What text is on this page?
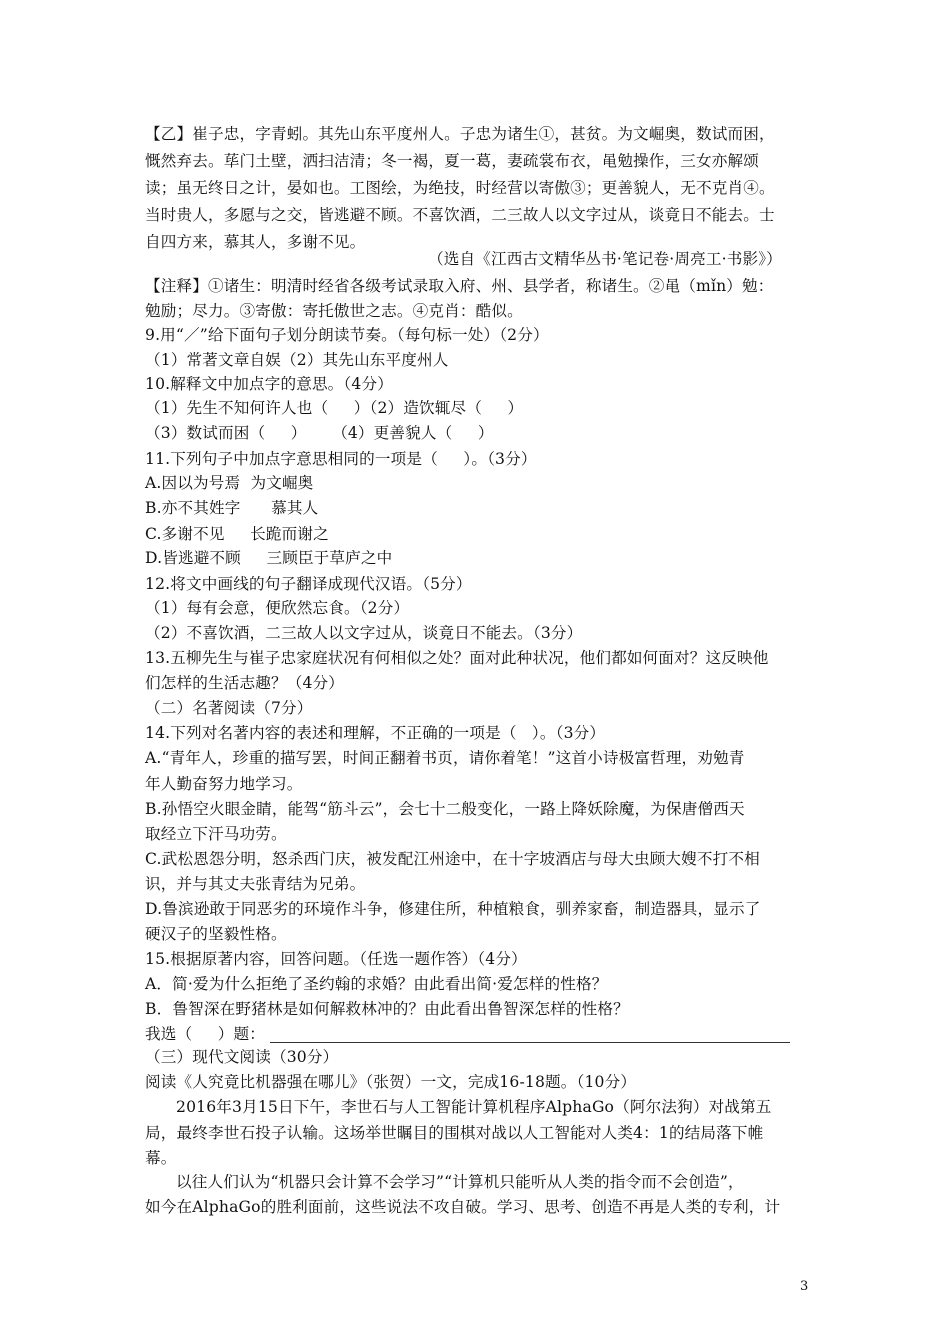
【乙】崔子忠，字青蚓。其先山东平度州人。子忠为诸生①，甚贫。为文崛奥，数试而困，
慨然弃去。荜门土壁，洒扫洁清；冬一褐，夏一葛，妻疏裳布衣，黾勉操作，三女亦解颂
读；虽无终日之计，晏如也。工图绘，为绝技，时经营以寄傲③；更善貌人，无不克肖④。
当时贵人，多愿与之交，皆逃避不顾。不喜饮酒，二三故人以文字过从，谈竟日不能去。士
自四方来，慕其人，多谢不见。
（选自《江西古文精华丛书·笔记卷·周亮工·书影》）
【注释】①诸生：明清时经省各级考试录取入府、州、县学者，称诸生。②黾（mǐn）勉：
勉励；尽力。③寄傲：寄托傲世之志。④克肖：酷似。
9.用“／”给下面句子划分朗读节奏。（每句标一处）（2分）
（1）常著文章自娱（2）其先山东平度州人
10.解释文中加点字的意思。（4分）
（1）先生不知何许人也（     ）（2）造饮辄尽（     ）
（3）数试而困（     ）     （4）更善貌人（     ）
11.下列句子中加点字意思相同的一项是（     ）。（3分）
A.因以为号焉  为文崛奥
B.亦不其姓字      慕其人
C.多谢不见     长跪而谢之
D.皆逃避不顾     三顾臣于草庐之中
12.将文中画线的句子翻译成现代汉语。（5分）
（1）每有会意，便欣然忘食。（2分）
（2）不喜饮酒，二三故人以文字过从，谈竟日不能去。（3分）
13.五柳先生与崔子忠家庭状况有何相似之处？面对此种状况，他们都如何面对？这反映他
们怎样的生活志趣？（4分）
（二）名著阅读（7分）
14.下列对名著内容的表述和理解，不正确的一项是（   ）。（3分）
A.“青年人，珍重的描写罢，时间正翻着书页，请你着笔！”这首小诗极富哲理，劝勉青
年人勤奋努力地学习。
B.孙悟空火眼金睛，能驾“筋斗云”，会七十二般变化，一路上降妖除魔，为保唐僧西天
取经立下汗马功劳。
C.武松恩怨分明，怒杀西门庆，被发配江州途中，在十字坡酒店与母大虫顾大嫂不打不相
识，并与其丈夫张青结为兄弟。
D.鲁滨逊敢于同恶劣的环境作斗争，修建住所，种植粮食，驯养家畜，制造器具，显示了
硬汉子的坚毅性格。
15.根据原著内容，回答问题。（任选一题作答）（4分）
A．简·爱为什么拒绝了圣约翰的求婚？由此看出简·爱怎样的性格？
B．鲁智深在野猪林是如何解救林冲的？由此看出鲁智深怎样的性格？
我选（     ）题：
（三）现代文阅读（30分）
阅读《人究竟比机器强在哪儿》（张贺）一文，完成16-18题。（10分）
2016年3月15日下午，李世石与人工智能计算机程序AlphaGo（阿尔法狗）对战第五
局，最终李世石投子认输。这场举世瞩目的围棋对战以人工智能对人类4：1的结局落下帷
幕。
以往人们认为“机器只会计算不会学习”“计算机只能听从人类的指令而不会创造”，
如今在AlphaGo的胜利面前，这些说法不攻自破。学习、思考、创造不再是人类的专利，计
3
